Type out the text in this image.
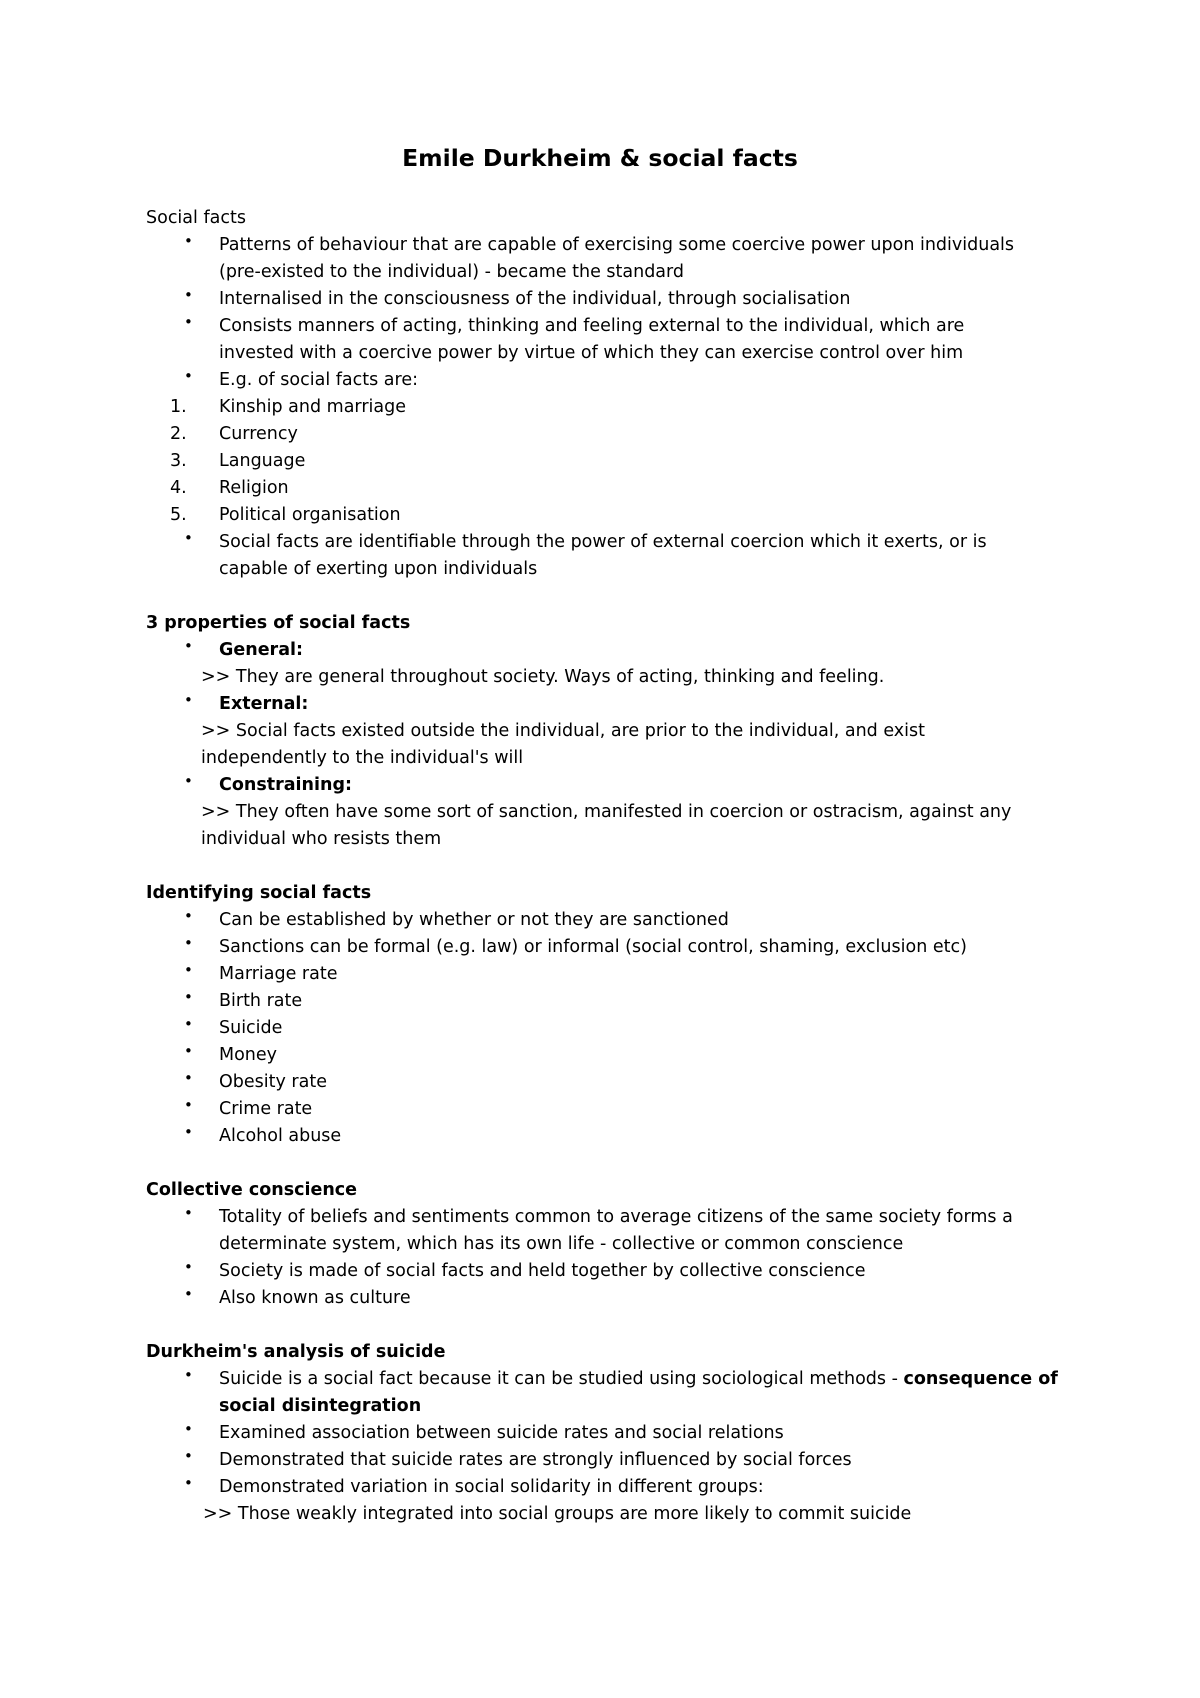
Emile Durkheim & social facts
Social facts
• Patterns of behaviour that are capable of exercising some coercive power upon individuals
(pre-existed to the individual) - became the standard
• Internalised in the consciousness of the individual, through socialisation
• Consists manners of acting, thinking and feeling external to the individual, which are
invested with a coercive power by virtue of which they can exercise control over him
• E.g. of social facts are:
1. Kinship and marriage
2. Currency
3. Language
4. Religion
5. Political organisation
• Social facts are identifiable through the power of external coercion which it exerts, or is
capable of exerting upon individuals
3 properties of social facts
• General:
>> They are general throughout society. Ways of acting, thinking and feeling.
• External:
>> Social facts existed outside the individual, are prior to the individual, and exist
independently to the individual's will
• Constraining:
>> They often have some sort of sanction, manifested in coercion or ostracism, against any
individual who resists them
Identifying social facts
• Can be established by whether or not they are sanctioned
• Sanctions can be formal (e.g. law) or informal (social control, shaming, exclusion etc)
• Marriage rate
• Birth rate
• Suicide
• Money
• Obesity rate
• Crime rate
• Alcohol abuse
Collective conscience
• Totality of beliefs and sentiments common to average citizens of the same society forms a
determinate system, which has its own life - collective or common conscience
• Society is made of social facts and held together by collective conscience
• Also known as culture
Durkheim's analysis of suicide
• Suicide is a social fact because it can be studied using sociological methods - consequence of
social disintegration
• Examined association between suicide rates and social relations
• Demonstrated that suicide rates are strongly influenced by social forces
• Demonstrated variation in social solidarity in different groups:
>> Those weakly integrated into social groups are more likely to commit suicide
